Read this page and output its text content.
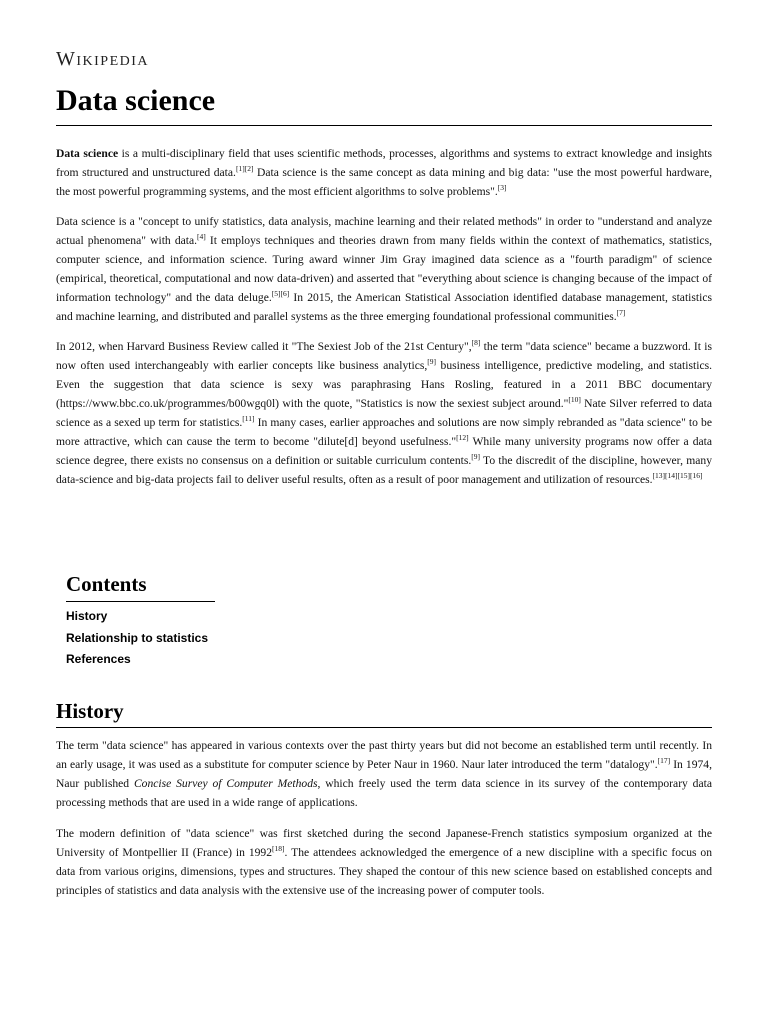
Wikipedia
Data science

Data science is a multi-disciplinary field that uses scientific methods, processes, algorithms and systems to extract knowledge and insights from structured and unstructured data.[1][2] Data science is the same concept as data mining and big data: "use the most powerful hardware, the most powerful programming systems, and the most efficient algorithms to solve problems".[3]

Data science is a "concept to unify statistics, data analysis, machine learning and their related methods" in order to "understand and analyze actual phenomena" with data.[4] It employs techniques and theories drawn from many fields within the context of mathematics, statistics, computer science, and information science. Turing award winner Jim Gray imagined data science as a "fourth paradigm" of science (empirical, theoretical, computational and now data-driven) and asserted that "everything about science is changing because of the impact of information technology" and the data deluge.[5][6] In 2015, the American Statistical Association identified database management, statistics and machine learning, and distributed and parallel systems as the three emerging foundational professional communities.[7]

In 2012, when Harvard Business Review called it "The Sexiest Job of the 21st Century",[8] the term "data science" became a buzzword. It is now often used interchangeably with earlier concepts like business analytics,[9] business intelligence, predictive modeling, and statistics. Even the suggestion that data science is sexy was paraphrasing Hans Rosling, featured in a 2011 BBC documentary (https://www.bbc.co.uk/programmes/b00wgq0l) with the quote, "Statistics is now the sexiest subject around."[10] Nate Silver referred to data science as a sexed up term for statistics.[11] In many cases, earlier approaches and solutions are now simply rebranded as "data science" to be more attractive, which can cause the term to become "dilute[d] beyond usefulness."[12] While many university programs now offer a data science degree, there exists no consensus on a definition or suitable curriculum contents.[9] To the discredit of the discipline, however, many data-science and big-data projects fail to deliver useful results, often as a result of poor management and utilization of resources.[13][14][15][16]

Contents
History
Relationship to statistics
References
History

The term "data science" has appeared in various contexts over the past thirty years but did not become an established term until recently. In an early usage, it was used as a substitute for computer science by Peter Naur in 1960. Naur later introduced the term "datalogy".[17] In 1974, Naur published Concise Survey of Computer Methods, which freely used the term data science in its survey of the contemporary data processing methods that are used in a wide range of applications.

The modern definition of "data science" was first sketched during the second Japanese-French statistics symposium organized at the University of Montpellier II (France) in 1992[18]. The attendees acknowledged the emergence of a new discipline with a specific focus on data from various origins, dimensions, types and structures. They shaped the contour of this new science based on established concepts and principles of statistics and data analysis with the extensive use of the increasing power of computer tools.
